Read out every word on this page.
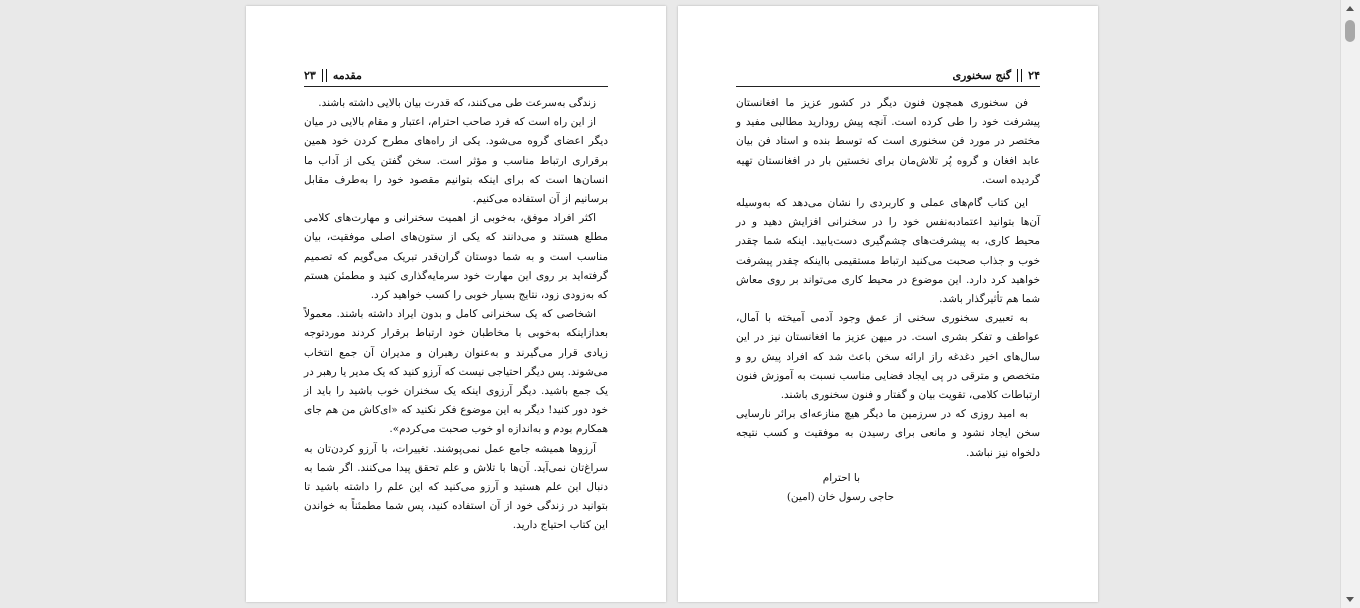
۲۳ مقدمه

زندگی به‌سرعت طی می‌کنند، که قدرت بیان بالایی داشته باشند.

از این راه است که فرد صاحب احترام، اعتبار و مقام بالایی در میان دیگر اعضای گروه می‌شود. یکی از راه‌های مطرح کردن خود همین برقراری ارتباط مناسب و مؤثر است. سخن گفتن یکی از آداب ما انسان‌ها است که برای اینکه بتوانیم مقصود خود را به‌طرف مقابل برسانیم از آن استفاده می‌کنیم.

اکثر افراد موفق، به‌خوبی از اهمیت سخنرانی و مهارت‌های کلامی مطلع هستند و می‌دانند که یکی از ستون‌های اصلی موفقیت، بیان مناسب است و به شما دوستان گران‌قدر تبریک می‌گویم که تصمیم گرفته‌اید بر روی این مهارت خود سرمایه‌گذاری کنید و مطمئن هستم که به‌زودی زود، نتایج بسیار خوبی را کسب خواهید کرد.

اشخاصی که یک سخنرانی کامل و بدون ایراد داشته باشند. معمولاً بعدازاینکه به‌خوبی با مخاطبان خود ارتباط برقرار کردند موردتوجه زیادی قرار می‌گیرند و به‌عنوان رهبران و مدیران آن جمع انتخاب می‌شوند. پس دیگر احتیاجی نیست که آرزو کنید که یک مدیر یا رهبر در یک جمع باشید. دیگر آرزوی اینکه یک سخنران خوب باشید را باید از خود دور کنید! دیگر به این موضوع فکر نکنید که «ای‌کاش من هم جای همکارم بودم و به‌اندازه او خوب صحبت می‌کردم».

آرزوها همیشه جامع عمل نمی‌پوشند. تغییرات، با آرزو کردن‌تان به سراغ‌تان نمی‌آید. آن‌ها با تلاش و علم تحقق پیدا می‌کنند. اگر شما به دنبال این علم هستید و آرزو می‌کنید که این علم را داشته باشید تا بتوانید در زندگی خود از آن استفاده کنید، پس شما مطمئناً به خواندن این کتاب احتیاج دارید.

گنج سخنوری ۲۴

فن سخنوری همچون فنون دیگر در کشور عزیز ما افغانستان پیشرفت خود را طی کرده است. آنچه پیش رودارید مطالبی مفید و مختصر در مورد فن سخنوری است که توسط بنده و استاد فن بیان عابد افغان و گروه پُر تلاش‌مان برای نخستین بار در افغانستان تهیه گردیده است.

این کتاب گام‌های عملی و کاربردی را نشان می‌دهد که به‌وسیله آن‌ها بتوانید اعتمادبه‌نفس خود را در سخنرانی افزایش دهید و در محیط کاری، به پیشرفت‌های چشم‌گیری دست‌یابید. اینکه شما چقدر خوب و جذاب صحبت می‌کنید ارتباط مستقیمی بااینکه چقدر پیشرفت خواهید کرد دارد. این موضوع در محیط کاری می‌تواند بر روی معاش شما هم تأثیرگذار باشد.

به تعبیری سخنوری سخنی از عمق وجود آدمی آمیخته با آمال، عواطف و تفکر بشری است. در میهن عزیز ما افغانستان نیز در این سال‌های اخیر دغدغه راز ارائه سخن باعث شد که افراد پیش رو و متخصص و مترقی در پی ایجاد فضایی مناسب نسبت به آموزش فنون ارتباطات کلامی، تقویت بیان و گفتار و فنون سخنوری باشند.

به امید روزی که در سرزمین ما دیگر هیچ منازعه‌ای برائر نارسایی سخن ایجاد نشود و مانعی برای رسیدن به موفقیت و کسب نتیجه دلخواه نیز نباشد.

با احترام
حاجی رسول خان (امین)
